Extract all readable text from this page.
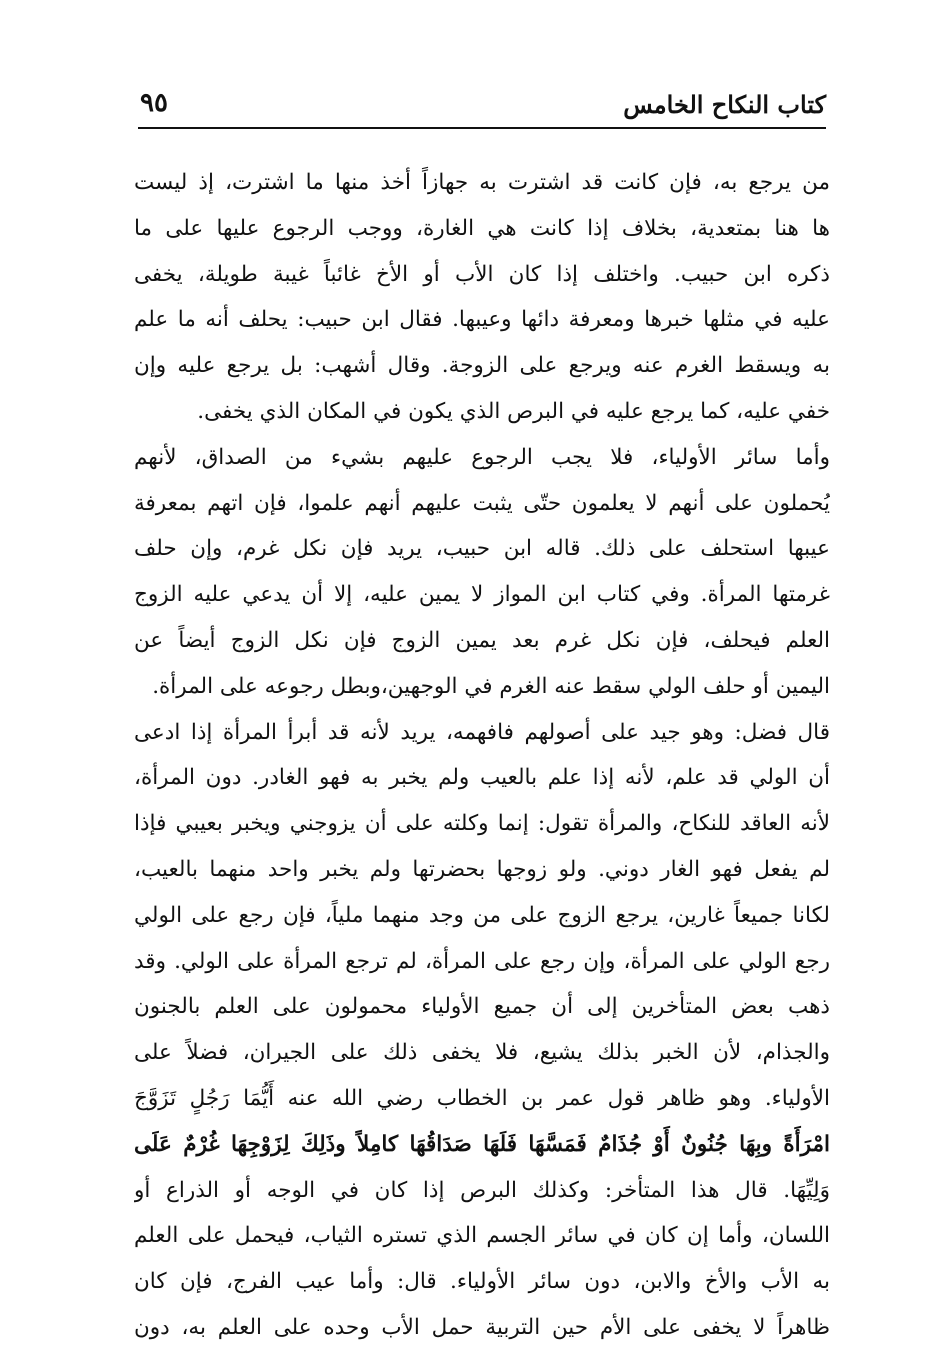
كتاب النكاح الخامس
٩٥
من يرجع به، فإن كانت قد اشترت به جهازاً أخذ منها ما اشترت، إذ ليست
ها هنا بمتعدية، بخلاف إذا كانت هي الغارة، ووجب الرجوع عليها على ما
ذكره ابن حبيب. واختلف إذا كان الأب أو الأخ غائباً غيبة طويلة، يخفى
عليه في مثلها خبرها ومعرفة دائها وعيبها. فقال ابن حبيب: يحلف أنه ما علم
به ويسقط الغرم عنه ويرجع على الزوجة. وقال أشهب: بل يرجع عليه وإن
خفي عليه، كما يرجع عليه في البرص الذي يكون في المكان الذي يخفى.
وأما سائر الأولياء، فلا يجب الرجوع عليهم بشيء من الصداق، لأنهم
يُحملون على أنهم لا يعلمون حتّى يثبت عليهم أنهم علموا، فإن اتهم بمعرفة
عيبها استحلف على ذلك. قاله ابن حبيب، يريد فإن نكل غرم، وإن حلف
غرمتها المرأة. وفي كتاب ابن المواز لا يمين عليه، إلا أن يدعي عليه الزوج
العلم فيحلف، فإن نكل غرم بعد يمين الزوج فإن نكل الزوج أيضاً عن
اليمين أو حلف الولي سقط عنه الغرم في الوجهين،وبطل رجوعه على المرأة.
قال فضل: وهو جيد على أصولهم فافهمه، يريد لأنه قد أبرأ المرأة إذا ادعى
أن الولي قد علم، لأنه إذا علم بالعيب ولم يخبر به فهو الغادر. دون المرأة،
لأنه العاقد للنكاح، والمرأة تقول: إنما وكلته على أن يزوجني ويخبر بعيبي فإذا
لم يفعل فهو الغار دوني. ولو زوجها بحضرتها ولم يخبر واحد منهما بالعيب،
لكانا جميعاً غارين، يرجع الزوج على من وجد منهما ملياً، فإن رجع على الولي
رجع الولي على المرأة، وإن رجع على المرأة، لم ترجع المرأة على الولي. وقد
ذهب بعض المتأخرين إلى أن جميع الأولياء محمولون على العلم بالجنون
والجذام، لأن الخبر بذلك يشيع، فلا يخفى ذلك على الجيران، فضلاً على
الأولياء. وهو ظاهر قول عمر بن الخطاب رضي الله عنه أَيُّمَا رَجُلٍ تَزَوَّجَ
امْرَأَةً وبِهَا جُنُونٌ أَوْ جُذَامٌ فَمَسَّهَا فَلَهَا صَدَاقُهَا كامِلاً وذَلِكَ لِزَوْجِهَا غُرْمٌ عَلَى
وَلِيِّهَا. قال هذا المتأخر: وكذلك البرص إذا كان في الوجه أو الذراع أو
اللسان، وأما إن كان في سائر الجسم الذي تستره الثياب، فيحمل على العلم
به الأب والأخ والابن، دون سائر الأولياء. قال: وأما عيب الفرج، فإن كان
ظاهراً لا يخفى على الأم حين التربية حمل الأب وحده على العلم به، دون
